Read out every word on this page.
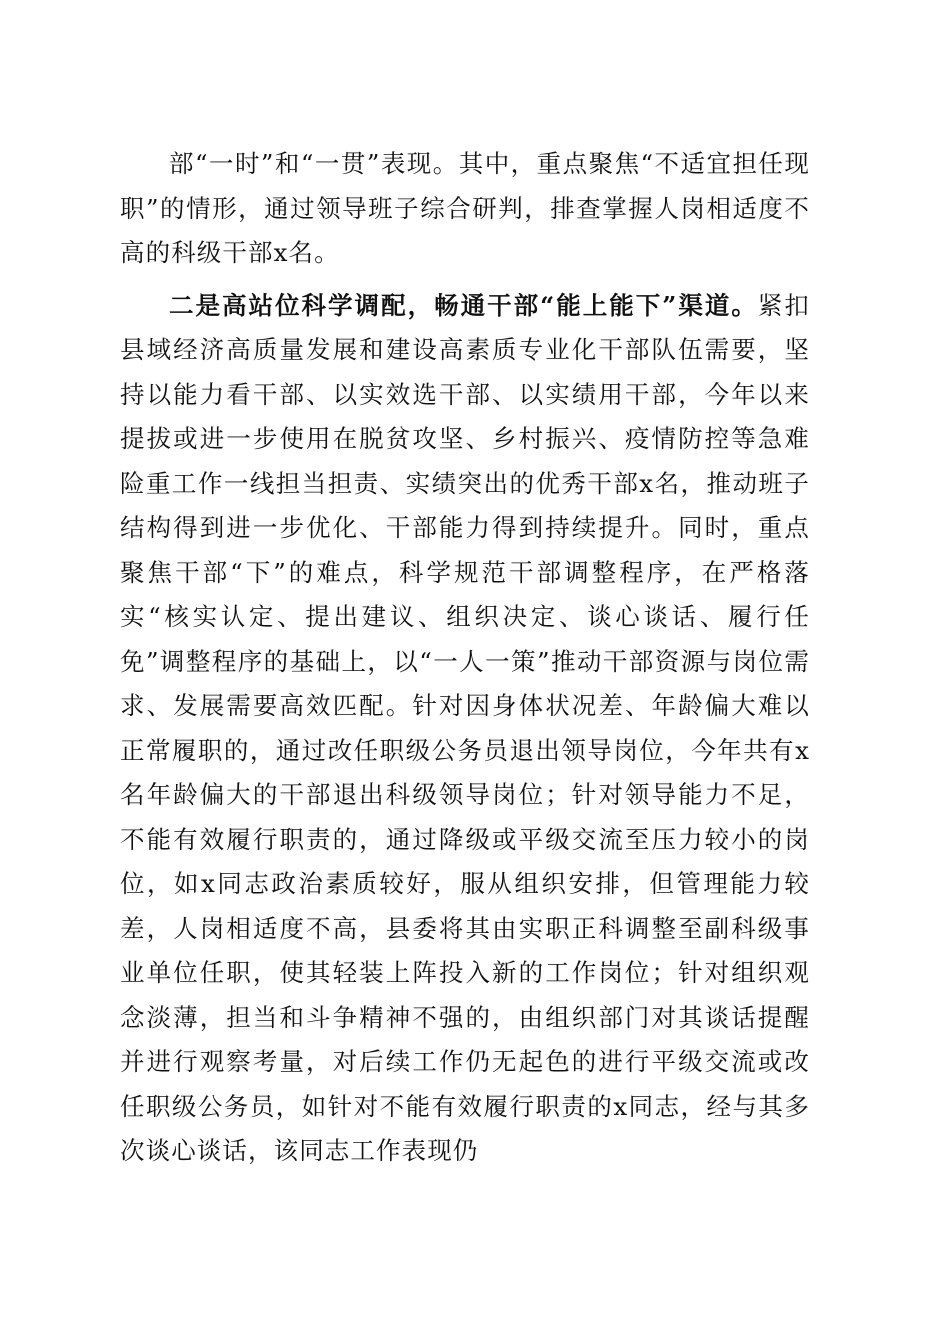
部“一时”和“一贯”表现。其中，重点聚焦“不适宜担任现职”的情形，通过领导班子综合研判，排查掌握人岗相适度不高的科级干部x名。

二是高站位科学调配，畅通干部“能上能下”渠道。紧扣县域经济高质量发展和建设高素质专业化干部队伍需要，坚持以能力看干部、以实效选干部、以实绩用干部，今年以来提拔或进一步使用在脱贫攻坚、乡村振兴、疫情防控等急难险重工作一线担当担责、实绩突出的优秀干部x名，推动班子结构得到进一步优化、干部能力得到持续提升。同时，重点聚焦干部“下”的难点，科学规范干部调整程序，在严格落实“核实认定、提出建议、组织决定、谈心谈话、履行任免”调整程序的基础上，以“一人一策”推动干部资源与岗位需求、发展需要高效匹配。针对因身体状况差、年龄偏大难以正常履职的，通过改任职级公务员退出领导岗位，今年共有x名年龄偏大的干部退出科级领导岗位；针对领导能力不足，不能有效履行职责的，通过降级或平级交流至压力较小的岗位，如x同志政治素质较好，服从组织安排，但管理能力较差，人岗相适度不高，县委将其由实职正科调整至副科级事业单位任职，使其轻装上阵投入新的工作岗位；针对组织观念淡薄，担当和斗争精神不强的，由组织部门对其谈话提醒并进行观察考量，对后续工作仍无起色的进行平级交流或改任职级公务员，如针对不能有效履行职责的x同志，经与其多次谈心谈话，该同志工作表现仍
